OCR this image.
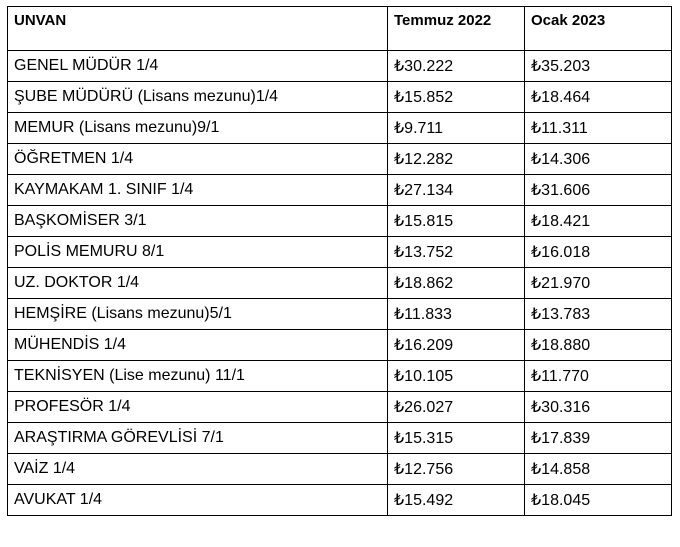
UNVAN	Temmuz 2022	Ocak 2023
GENEL MÜDÜR 1/4	₺30.222	₺35.203
ŞUBE MÜDÜRÜ (Lisans mezunu)1/4	₺15.852	₺18.464
MEMUR (Lisans mezunu)9/1	₺9.711	₺11.311
ÖĞRETMEN 1/4	₺12.282	₺14.306
KAYMAKAM 1. SINIF 1/4	₺27.134	₺31.606
BAŞKOMİSER 3/1	₺15.815	₺18.421
POLİS MEMURU 8/1	₺13.752	₺16.018
UZ. DOKTOR 1/4	₺18.862	₺21.970
HEMŞİRE (Lisans mezunu)5/1	₺11.833	₺13.783
MÜHENDİS 1/4	₺16.209	₺18.880
TEKNİSYEN (Lise mezunu) 11/1	₺10.105	₺11.770
PROFESÖR 1/4	₺26.027	₺30.316
ARAŞTIRMA GÖREVLİSİ 7/1	₺15.315	₺17.839
VAİZ 1/4	₺12.756	₺14.858
AVUKAT 1/4	₺15.492	₺18.045
